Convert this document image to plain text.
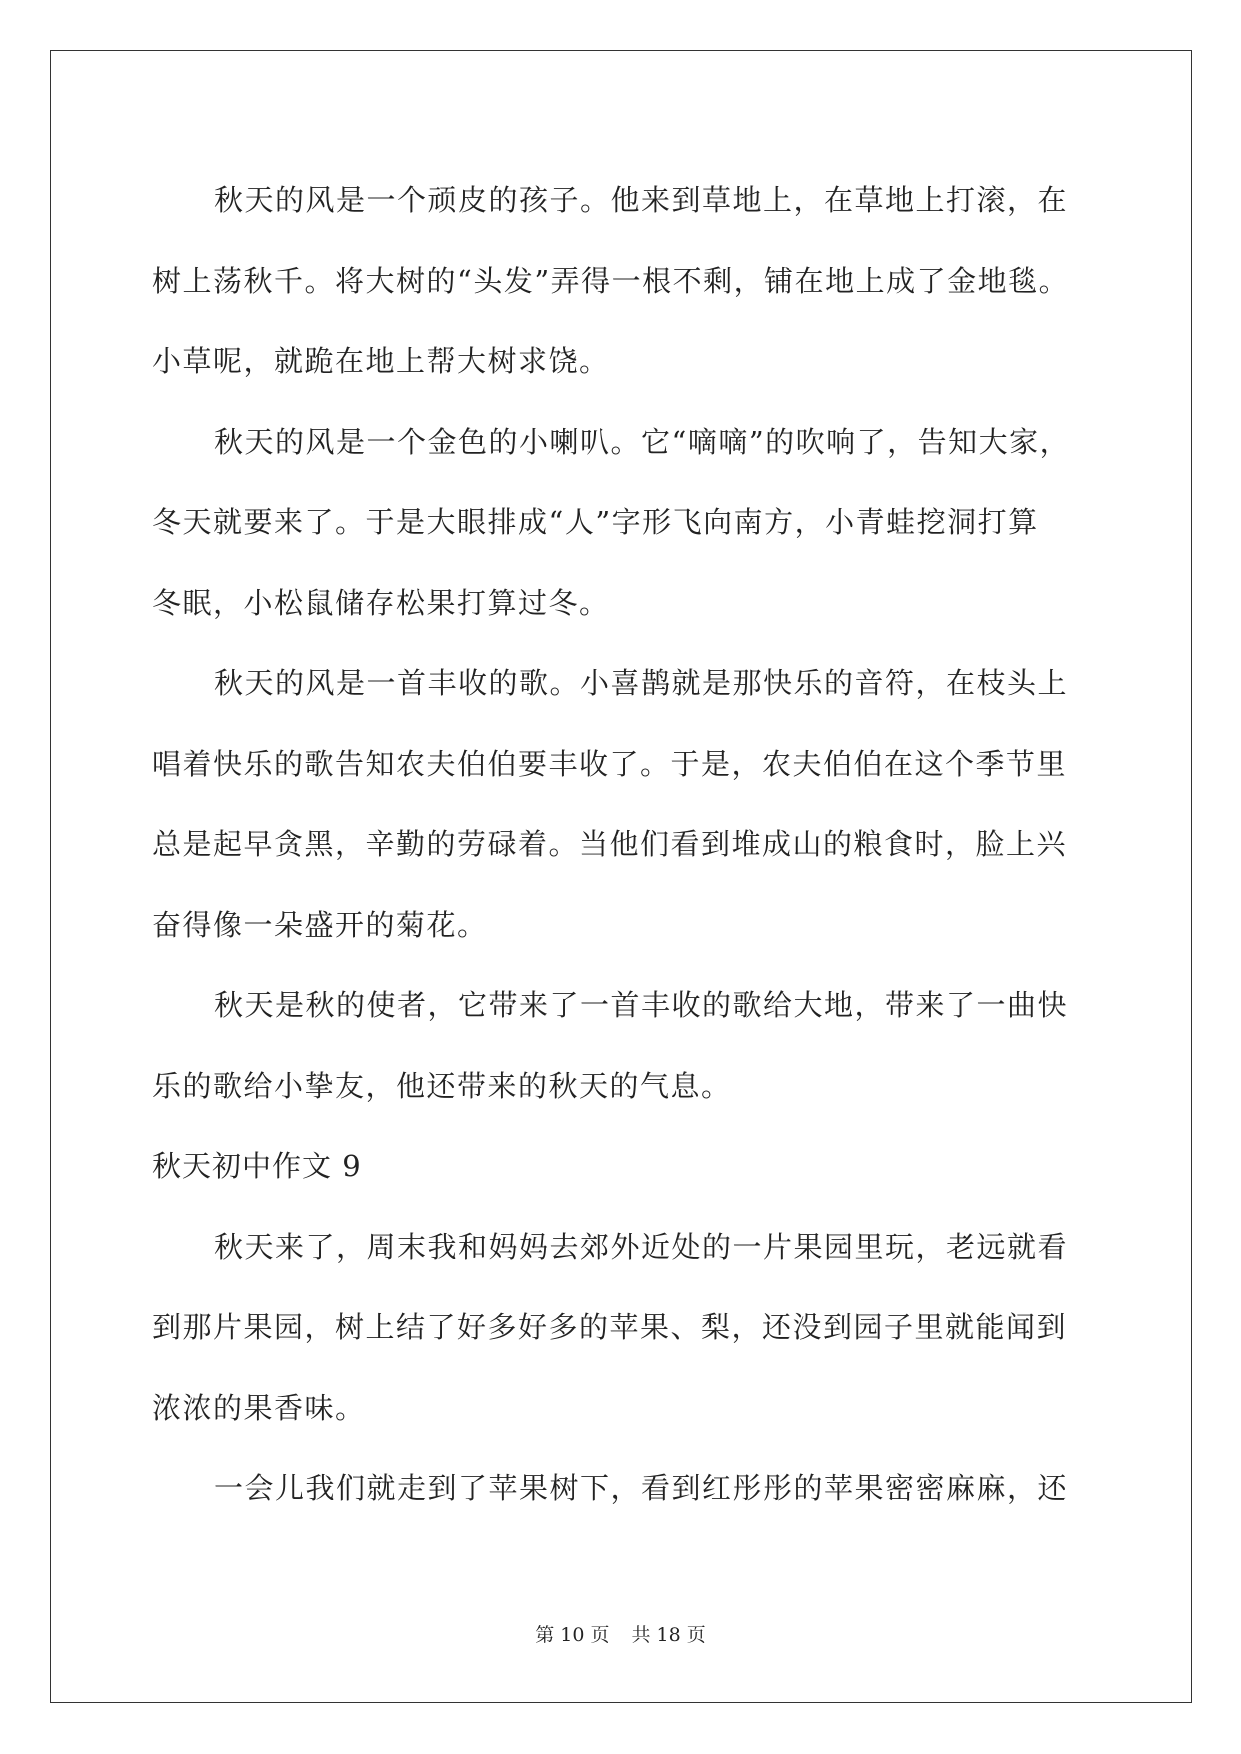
秋天的风是一个顽皮的孩子。他来到草地上，在草地上打滚，在
树上荡秋千。将大树的“头发”弄得一根不剩，铺在地上成了金地毯。
小草呢，就跪在地上帮大树求饶。
秋天的风是一个金色的小喇叭。它“嘀嘀”的吹响了，告知大家，
冬天就要来了。于是大眼排成“人”字形飞向南方，小青蛙挖洞打算
冬眠，小松鼠储存松果打算过冬。
秋天的风是一首丰收的歌。小喜鹊就是那快乐的音符，在枝头上
唱着快乐的歌告知农夫伯伯要丰收了。于是，农夫伯伯在这个季节里
总是起早贪黑，辛勤的劳碌着。当他们看到堆成山的粮食时，脸上兴
奋得像一朵盛开的菊花。
秋天是秋的使者，它带来了一首丰收的歌给大地，带来了一曲快
乐的歌给小挚友，他还带来的秋天的气息。
秋天初中作文 9
秋天来了，周末我和妈妈去郊外近处的一片果园里玩，老远就看
到那片果园，树上结了好多好多的苹果、梨，还没到园子里就能闻到
浓浓的果香味。
一会儿我们就走到了苹果树下，看到红彤彤的苹果密密麻麻，还
第 10 页 共 18 页
